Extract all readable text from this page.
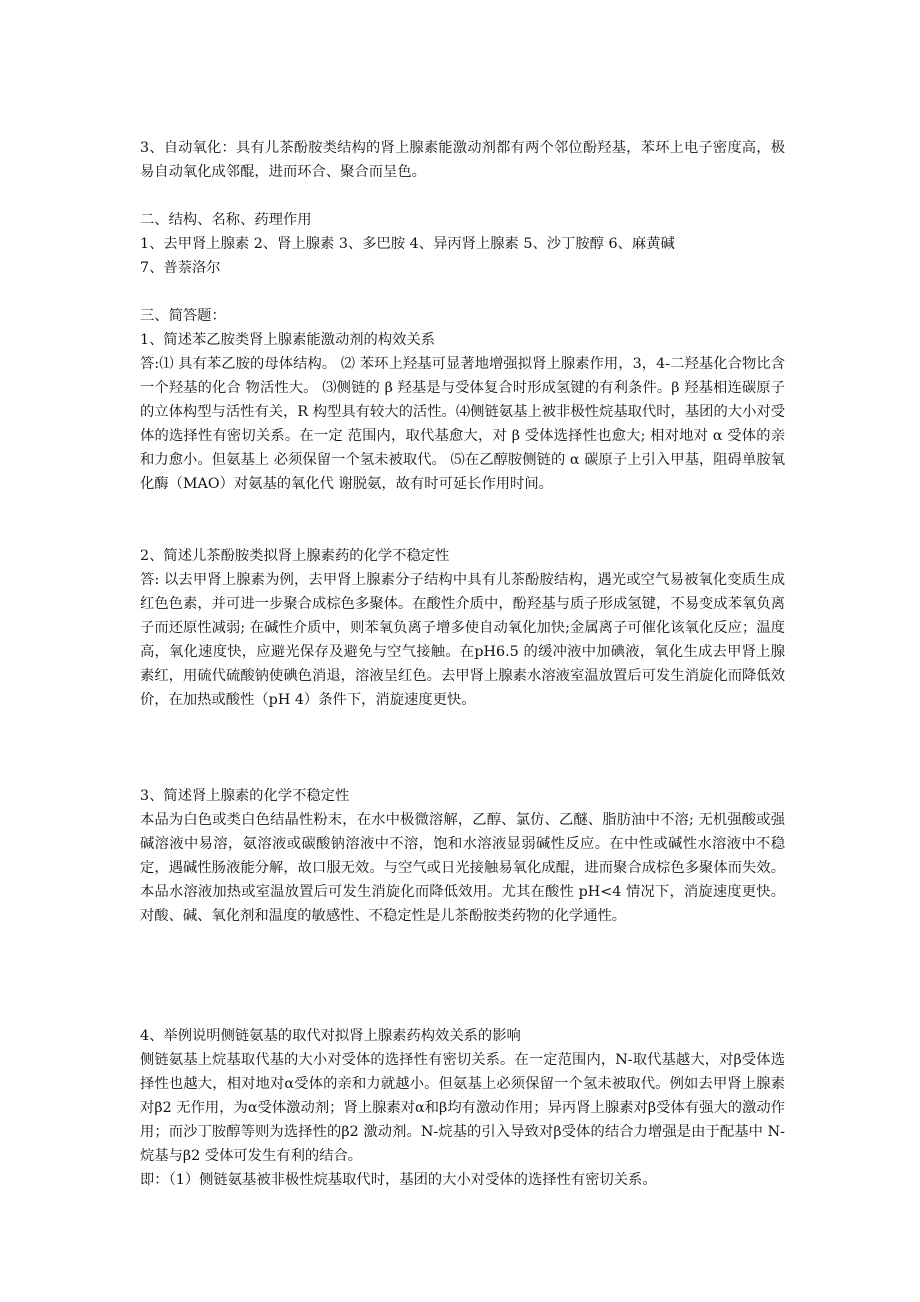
3、自动氧化：具有儿茶酚胺类结构的肾上腺素能激动剂都有两个邻位酚羟基，苯环上电子密度高，极易自动氧化成邻醌，进而环合、聚合而呈色。

二、结构、名称、药理作用

1、去甲肾上腺素 2、肾上腺素 3、多巴胺 4、异丙肾上腺素 5、沙丁胺醇 6、麻黄碱

7、普萘洛尔

三、简答题：

1、简述苯乙胺类肾上腺素能激动剂的构效关系

答:⑴ 具有苯乙胺的母体结构。 ⑵ 苯环上羟基可显著地增强拟肾上腺素作用，3，4-二羟基化合物比含一个羟基的化合 物活性大。 ⑶侧链的 β 羟基是与受体复合时形成氢键的有利条件。β 羟基相连碳原子的立体构型与活性有关，R 构型具有较大的活性。⑷侧链氨基上被非极性烷基取代时，基团的大小对受体的选择性有密切关系。在一定 范围内，取代基愈大，对 β 受体选择性也愈大; 相对地对 α 受体的亲和力愈小。但氨基上 必须保留一个氢未被取代。 ⑸在乙醇胺侧链的 α 碳原子上引入甲基，阻碍单胺氧化酶（MAO）对氨基的氧化代 谢脱氨，故有时可延长作用时间。

2、简述儿茶酚胺类拟肾上腺素药的化学不稳定性

答: 以去甲肾上腺素为例，去甲肾上腺素分子结构中具有儿茶酚胺结构，遇光或空气易被氧化变质生成红色色素，并可进一步聚合成棕色多聚体。在酸性介质中，酚羟基与质子形成氢键，不易变成苯氧负离子而还原性减弱; 在碱性介质中，则苯氧负离子增多使自动氧化加快;金属离子可催化该氧化反应；温度高，氧化速度快，应避光保存及避免与空气接触。在pH6.5 的缓冲液中加碘液，氧化生成去甲肾上腺素红，用硫代硫酸钠使碘色消退，溶液呈红色。去甲肾上腺素水溶液室温放置后可发生消旋化而降低效价，在加热或酸性（pH 4）条件下，消旋速度更快。

3、简述肾上腺素的化学不稳定性

本品为白色或类白色结晶性粉末，在水中极微溶解，乙醇、氯仿、乙醚、脂肪油中不溶; 无机强酸或强碱溶液中易溶，氨溶液或碳酸钠溶液中不溶，饱和水溶液显弱碱性反应。在中性或碱性水溶液中不稳定，遇碱性肠液能分解，故口服无效。与空气或日光接触易氧化成醌，进而聚合成棕色多聚体而失效。本品水溶液加热或室温放置后可发生消旋化而降低效用。尤其在酸性 pH<4 情况下，消旋速度更快。对酸、碱、氧化剂和温度的敏感性、不稳定性是儿茶酚胺类药物的化学通性。

4、举例说明侧链氨基的取代对拟肾上腺素药构效关系的影响

侧链氨基上烷基取代基的大小对受体的选择性有密切关系。在一定范围内，N-取代基越大，对β受体选择性也越大，相对地对α受体的亲和力就越小。但氨基上必须保留一个氢未被取代。例如去甲肾上腺素对β2 无作用，为α受体激动剂；肾上腺素对α和β均有激动作用；异丙肾上腺素对β受体有强大的激动作用；而沙丁胺醇等则为选择性的β2 激动剂。N-烷基的引入导致对β受体的结合力增强是由于配基中 N-烷基与β2 受体可发生有利的结合。

即：（1）侧链氨基被非极性烷基取代时，基团的大小对受体的选择性有密切关系。
